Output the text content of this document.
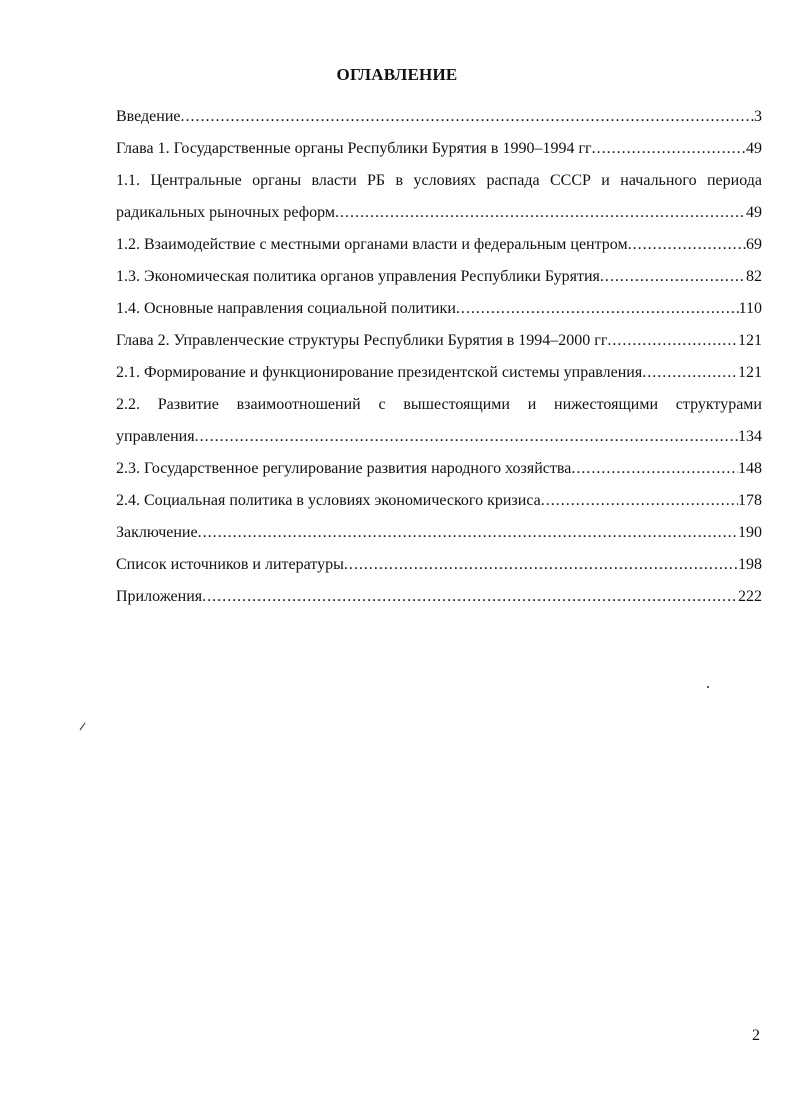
ОГЛАВЛЕНИЕ
Введение .....	3
Глава 1. Государственные органы Республики Бурятия в 1990–1994 гг .....	49
1.1. Центральные органы власти РБ в условиях распада СССР и начального периода
радикальных рыночных реформ .....	49
1.2. Взаимодействие с местными органами власти и федеральным центром .....	69
1.3. Экономическая политика органов управления Республики Бурятия .....	82
1.4. Основные направления социальной политики .....	110
Глава 2. Управленческие структуры Республики Бурятия в 1994–2000 гг .....	121
2.1. Формирование и функционирование президентской системы управления .....	121
2.2. Развитие взаимоотношений с вышестоящими и нижестоящими структурами
управления .....	134
2.3. Государственное регулирование развития народного хозяйства .....	148
2.4. Социальная политика в условиях экономического кризиса .....	178
Заключение .....	190
Список источников и литературы .....	198
Приложения .....	222
2
